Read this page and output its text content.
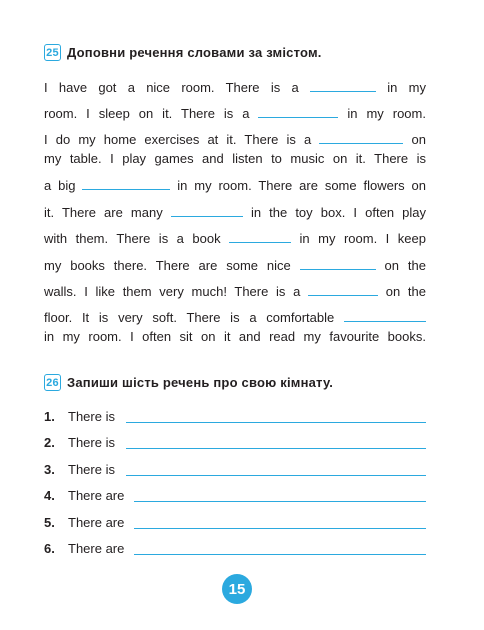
25 Доповни речення словами за змістом.
I have got a nice room. There is a	in my
room. I sleep on it. There is a	in my room.
I do my home exercises at it. There is a	on
my table. I play games and listen to music on it. There is
a big	in my room. There are some flowers on
it. There are many	in the toy box. I often play
with them. There is a book	in my room. I keep
my books there. There are some nice	on the
walls. I like them very much! There is a	on the
floor. It is very soft. There is a comfortable
in my room. I often sit on it and read my favourite books.
26 Запиши шість речень про свою кімнату.
1. There is
2. There is
3. There is
4. There are
5. There are
6. There are
15
